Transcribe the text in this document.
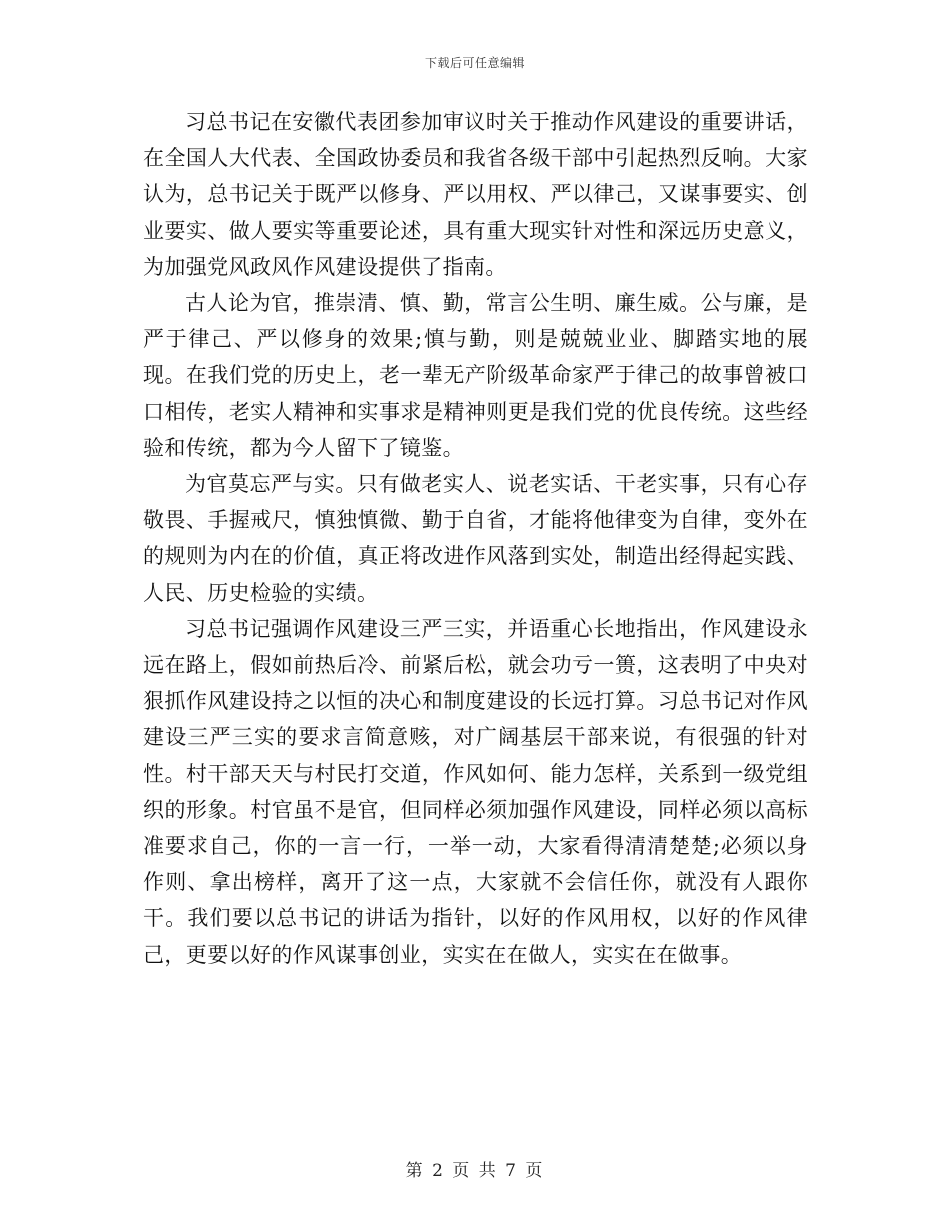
下载后可任意编辑

习总书记在安徽代表团参加审议时关于推动作风建设的重要讲话，在全国人大代表、全国政协委员和我省各级干部中引起热烈反响。大家认为，总书记关于既严以修身、严以用权、严以律己，又谋事要实、创业要实、做人要实等重要论述，具有重大现实针对性和深远历史意义，为加强党风政风作风建设提供了指南。

古人论为官，推崇清、慎、勤，常言公生明、廉生威。公与廉，是严于律己、严以修身的效果;慎与勤，则是兢兢业业、脚踏实地的展现。在我们党的历史上，老一辈无产阶级革命家严于律己的故事曾被口口相传，老实人精神和实事求是精神则更是我们党的优良传统。这些经验和传统，都为今人留下了镜鉴。

为官莫忘严与实。只有做老实人、说老实话、干老实事，只有心存敬畏、手握戒尺，慎独慎微、勤于自省，才能将他律变为自律，变外在的规则为内在的价值，真正将改进作风落到实处，制造出经得起实践、人民、历史检验的实绩。

习总书记强调作风建设三严三实，并语重心长地指出，作风建设永远在路上，假如前热后冷、前紧后松，就会功亏一篑，这表明了中央对狠抓作风建设持之以恒的决心和制度建设的长远打算。习总书记对作风建设三严三实的要求言简意赅，对广阔基层干部来说，有很强的针对性。村干部天天与村民打交道，作风如何、能力怎样，关系到一级党组织的形象。村官虽不是官，但同样必须加强作风建设，同样必须以高标准要求自己，你的一言一行，一举一动，大家看得清清楚楚;必须以身作则、拿出榜样，离开了这一点，大家就不会信任你，就没有人跟你干。我们要以总书记的讲话为指针，以好的作风用权，以好的作风律己，更要以好的作风谋事创业，实实在在做人，实实在在做事。

第 2 页 共 7 页
